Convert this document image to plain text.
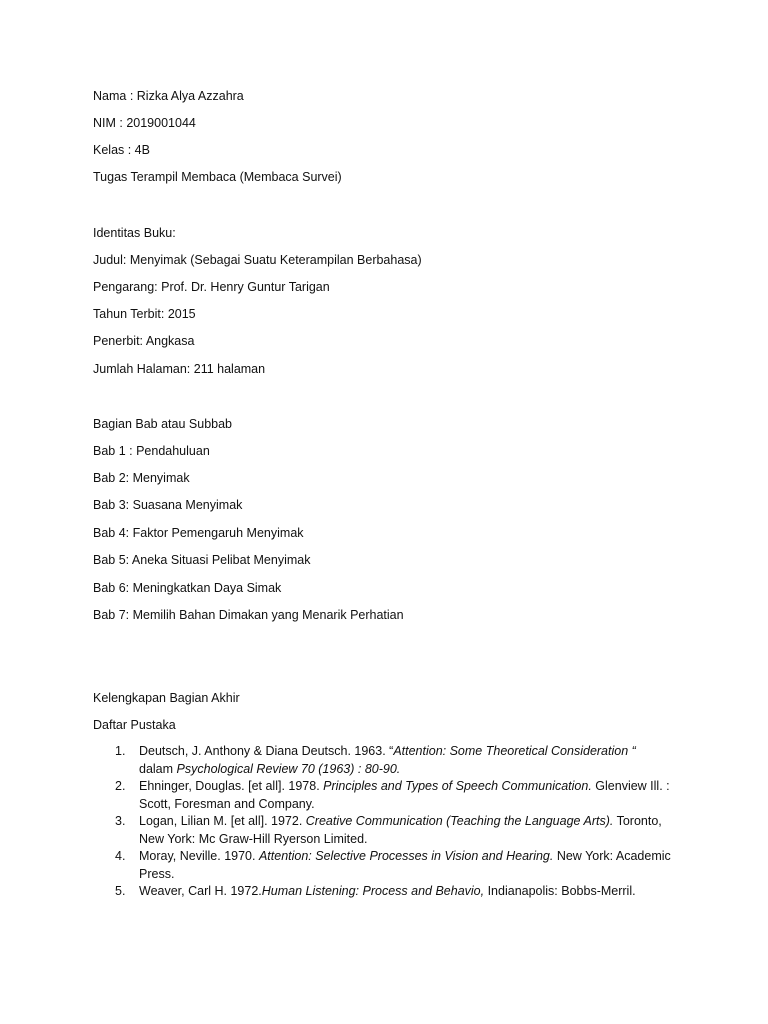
Nama : Rizka Alya Azzahra
NIM : 2019001044
Kelas : 4B
Tugas Terampil Membaca (Membaca Survei)
Identitas Buku:
Judul: Menyimak (Sebagai Suatu Keterampilan Berbahasa)
Pengarang: Prof. Dr. Henry Guntur Tarigan
Tahun Terbit: 2015
Penerbit: Angkasa
Jumlah Halaman: 211 halaman
Bagian Bab atau Subbab
Bab 1 : Pendahuluan
Bab 2: Menyimak
Bab 3: Suasana Menyimak
Bab 4: Faktor Pemengaruh Menyimak
Bab 5: Aneka Situasi Pelibat Menyimak
Bab 6: Meningkatkan Daya Simak
Bab 7: Memilih Bahan Dimakan yang Menarik Perhatian
Kelengkapan Bagian Akhir
Daftar Pustaka
1. Deutsch, J. Anthony & Diana Deutsch. 1963. “Attention: Some Theoretical Consideration “ dalam Psychological Review 70 (1963) : 80-90.
2. Ehninger, Douglas. [et all]. 1978. Principles and Types of Speech Communication. Glenview Ill. : Scott, Foresman and Company.
3. Logan, Lilian M. [et all]. 1972. Creative Communication (Teaching the Language Arts). Toronto, New York: Mc Graw-Hill Ryerson Limited.
4. Moray, Neville. 1970. Attention: Selective Processes in Vision and Hearing. New York: Academic Press.
5. Weaver, Carl H. 1972.Human Listening: Process and Behavio, Indianapolis: Bobbs-Merril.
